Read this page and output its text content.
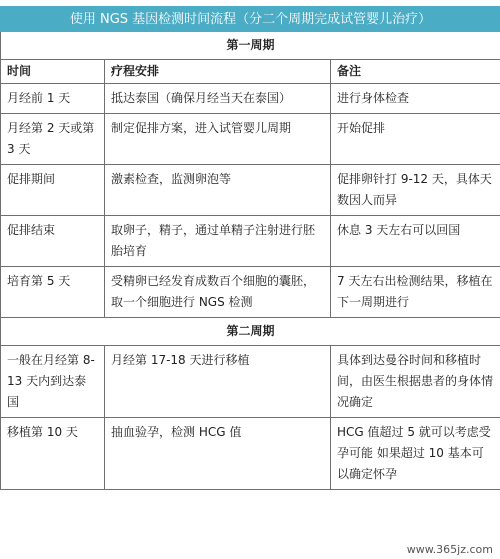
使用 NGS 基因检测时间流程（分二个周期完成试管婴儿治疗）		
第一周期		
时间	疗程安排	备注
月经前 1 天	抵达泰国（确保月经当天在泰国）	进行身体检查
月经第 2 天或第 3 天	制定促排方案，进入试管婴儿周期	开始促排
促排期间	激素检查，监测卵泡等	促排卵针打 9-12 天，具体天数因人而异
促排结束	取卵子，精子，通过单精子注射进行胚胎培育	休息 3 天左右可以回国
培育第 5 天	受精卵已经发育成数百个细胞的囊胚，取一个细胞进行 NGS 检测	7 天左右出检测结果，移植在下一周期进行
第二周期		
一般在月经第 8-13 天内到达泰国	月经第 17-18 天进行移植	具体到达曼谷时间和移植时间，由医生根据患者的身体情况确定
移植第 10 天	抽血验孕，检测 HCG 值	HCG 值超过 5 就可以考虑受孕可能 如果超过 10 基本可以确定怀孕
www.365jz.com
